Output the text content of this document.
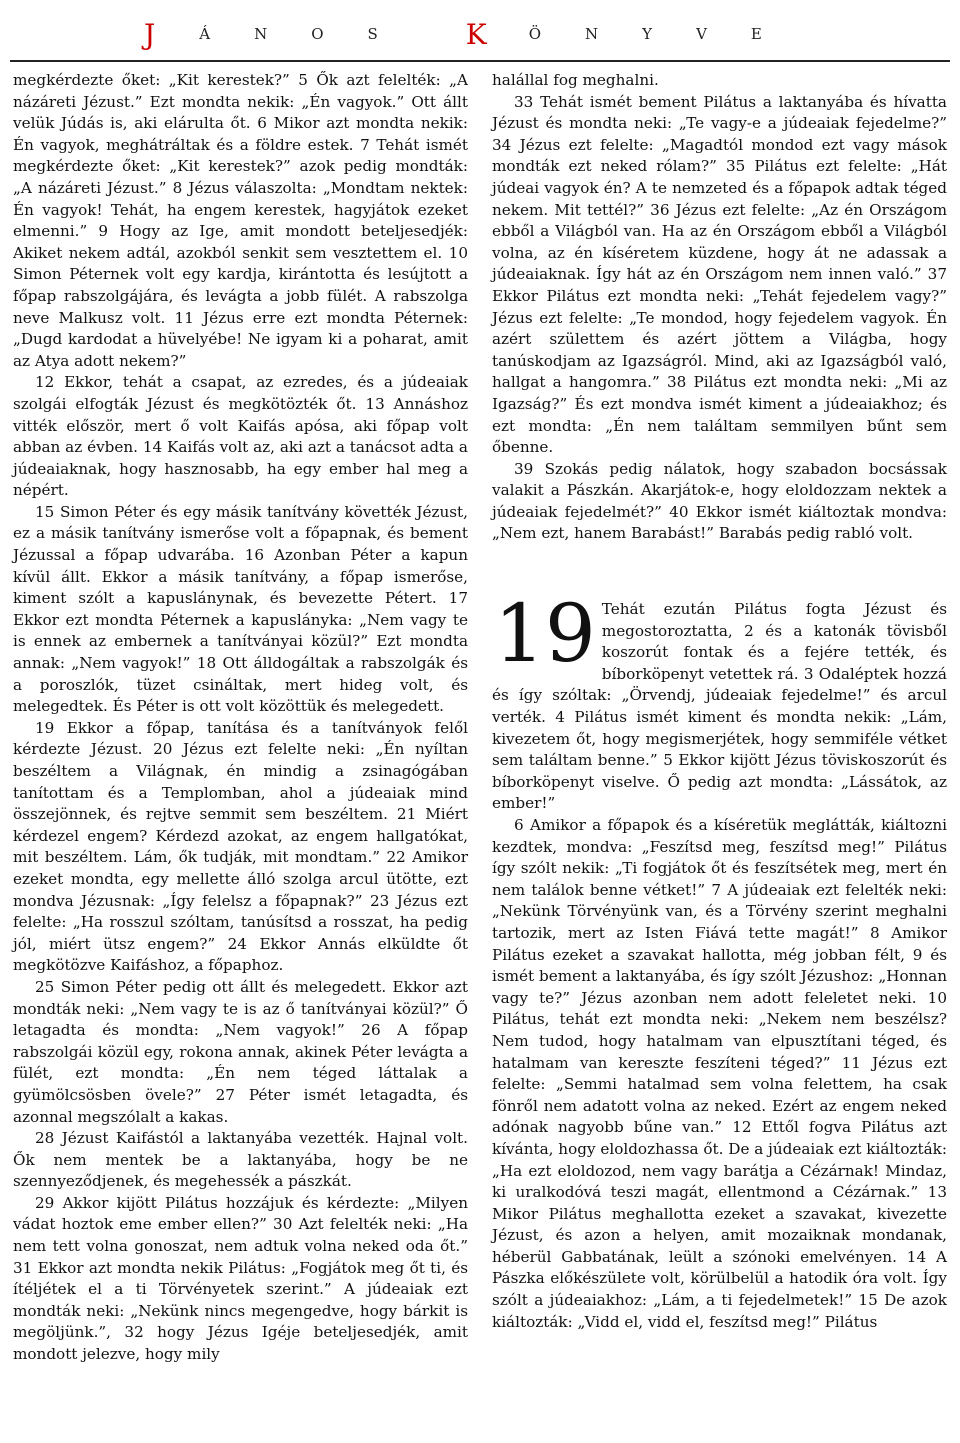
J	Á	N	O	S	K	Ö	N	Y	V	E

megkérdezte őket: „Kit kerestek?” 5 Ők azt felelték: „A názáreti Jézust.” Ezt mondta nekik: „Én vagyok.” Ott állt velük Júdás is, aki elárulta őt. 6 Mikor azt mondta nekik: Én vagyok, meghátráltak és a földre estek. 7 Tehát ismét megkérdezte őket: „Kit kerestek?” azok pedig mondták: „A názáreti Jézust.” 8 Jézus válaszolta: „Mondtam nektek: Én vagyok! Tehát, ha engem kerestek, hagyjátok ezeket elmenni.” 9 Hogy az Ige, amit mondott beteljesedjék: Akiket nekem adtál, azokból senkit sem vesztettem el. 10 Simon Péternek volt egy kardja, kirántotta és lesújtott a főpap rabszolgájára, és levágta a jobb fülét. A rabszolga neve Malkusz volt. 11 Jézus erre ezt mondta Péternek: „Dugd kardodat a hüvelyébe! Ne igyam ki a poharat, amit az Atya adott nekem?”

12 Ekkor, tehát a csapat, az ezredes, és a júdeaiak szolgái elfogták Jézust és megkötözték őt. 13 Annáshoz vitték először, mert ő volt Kaifás apósa, aki főpap volt abban az évben. 14 Kaifás volt az, aki azt a tanácsot adta a júdeaiaknak, hogy hasznosabb, ha egy ember hal meg a népért.

15 Simon Péter és egy másik tanítvány követték Jézust, ez a másik tanítvány ismerőse volt a főpapnak, és bement Jézussal a főpap udvarába. 16 Azonban Péter a kapun kívül állt. Ekkor a másik tanítvány, a főpap ismerőse, kiment szólt a kapuslánynak, és bevezette Pétert. 17 Ekkor ezt mondta Péternek a kapuslányka: „Nem vagy te is ennek az embernek a tanítványai közül?” Ezt mondta annak: „Nem vagyok!” 18 Ott álldogáltak a rabszolgák és a poroszlók, tüzet csináltak, mert hideg volt, és melegedtek. És Péter is ott volt közöttük és melegedett.

19 Ekkor a főpap, tanítása és a tanítványok felől kérdezte Jézust. 20 Jézus ezt felelte neki: „Én nyíltan beszéltem a Világnak, én mindig a zsinagógában tanítottam és a Templomban, ahol a júdeaiak mind összejönnek, és rejtve semmit sem beszéltem. 21 Miért kérdezel engem? Kérdezd azokat, az engem hallgatókat, mit beszéltem. Lám, ők tudják, mit mondtam.” 22 Amikor ezeket mondta, egy mellette álló szolga arcul ütötte, ezt mondva Jézusnak: „Így felelsz a főpapnak?” 23 Jézus ezt felelte: „Ha rosszul szóltam, tanúsítsd a rosszat, ha pedig jól, miért ütsz engem?” 24 Ekkor Annás elküldte őt megkötözve Kaifáshoz, a főpaphoz.

25 Simon Péter pedig ott állt és melegedett. Ekkor azt mondták neki: „Nem vagy te is az ő tanítványai közül?” Ő letagadta és mondta: „Nem vagyok!” 26 A főpap rabszolgái közül egy, rokona annak, akinek Péter levágta a fülét, ezt mondta: „Én nem téged láttalak a gyümölcsösben övele?” 27 Péter ismét letagadta, és azonnal megszólalt a kakas.

28 Jézust Kaifástól a laktanyába vezették. Hajnal volt. Ők nem mentek be a laktanyába, hogy be ne szennyeződjenek, és megehessék a pászkát.

29 Akkor kijött Pilátus hozzájuk és kérdezte: „Milyen vádat hoztok eme ember ellen?” 30 Azt felelték neki: „Ha nem tett volna gonoszat, nem adtuk volna neked oda őt.” 31 Ekkor azt mondta nekik Pilátus: „Fogjátok meg őt ti, és ítéljétek el a ti Törvényetek szerint.” A júdeaiak ezt mondták neki: „Nekünk nincs megengedve, hogy bárkit is megöljünk.”, 32 hogy Jézus Igéje beteljesedjék, amit mondott jelezve, hogy mily

halállal fog meghalni.

33 Tehát ismét bement Pilátus a laktanyába és hívatta Jézust és mondta neki: „Te vagy-e a júdeaiak fejedelme?” 34 Jézus ezt felelte: „Magadtól mondod ezt vagy mások mondták ezt neked rólam?” 35 Pilátus ezt felelte: „Hát júdeai vagyok én? A te nemzeted és a főpapok adtak téged nekem. Mit tettél?” 36 Jézus ezt felelte: „Az én Országom ebből a Világból van. Ha az én Országom ebből a Világból volna, az én kíséretem küzdene, hogy át ne adassak a júdeaiaknak. Így hát az én Országom nem innen való.” 37 Ekkor Pilátus ezt mondta neki: „Tehát fejedelem vagy?” Jézus ezt felelte: „Te mondod, hogy fejedelem vagyok. Én azért születtem és azért jöttem a Világba, hogy tanúskodjam az Igazságról. Mind, aki az Igazságból való, hallgat a hangomra.” 38 Pilátus ezt mondta neki: „Mi az Igazság?” És ezt mondva ismét kiment a júdeaiakhoz; és ezt mondta: „Én nem találtam semmilyen bűnt sem őbenne.

39 Szokás pedig nálatok, hogy szabadon bocsássak valakit a Pászkán. Akarjátok-e, hogy eloldozzam nektek a júdeaiak fejedelmét?” 40 Ekkor ismét kiáltoztak mondva: „Nem ezt, hanem Barabást!” Barabás pedig rabló volt.

19 Tehát ezután Pilátus fogta Jézust és megostoroztatta, 2 és a katonák tövisből koszorút fontak és a fejére tették, és bíborköpenyt vetettek rá. 3 Odaléptek hozzá és így szóltak: „Örvendj, júdeaiak fejedelme!” és arcul verték. 4 Pilátus ismét kiment és mondta nekik: „Lám, kivezetem őt, hogy megismerjétek, hogy semmiféle vétket sem találtam benne.” 5 Ekkor kijött Jézus töviskoszorút és bíborköpenyt viselve. Ő pedig azt mondta: „Lássátok, az ember!”

6 Amikor a főpapok és a kíséretük meglátták, kiáltozni kezdtek, mondva: „Feszítsd meg, feszítsd meg!” Pilátus így szólt nekik: „Ti fogjátok őt és feszítsétek meg, mert én nem találok benne vétket!” 7 A júdeaiak ezt felelték neki: „Nekünk Törvényünk van, és a Törvény szerint meghalni tartozik, mert az Isten Fiává tette magát!” 8 Amikor Pilátus ezeket a szavakat hallotta, még jobban félt, 9 és ismét bement a laktanyába, és így szólt Jézushoz: „Honnan vagy te?” Jézus azonban nem adott feleletet neki. 10 Pilátus, tehát ezt mondta neki: „Nekem nem beszélsz? Nem tudod, hogy hatalmam van elpusztítani téged, és hatalmam van kereszte feszíteni téged?” 11 Jézus ezt felelte: „Semmi hatalmad sem volna felettem, ha csak fönről nem adatott volna az neked. Ezért az engem neked adónak nagyobb bűne van.” 12 Ettől fogva Pilátus azt kívánta, hogy eloldozhassa őt. De a júdeaiak ezt kiáltozták: „Ha ezt eloldozod, nem vagy barátja a Cézárnak! Mindaz, ki uralkodóvá teszi magát, ellentmond a Cézárnak.” 13 Mikor Pilátus meghallotta ezeket a szavakat, kivezette Jézust, és azon a helyen, amit mozaiknak mondanak, héberül Gabbatának, leült a szónoki emelvényen. 14 A Pászka előkészülete volt, körülbelül a hatodik óra volt. Így szólt a júdeaiakhoz: „Lám, a ti fejedelmetek!” 15 De azok kiáltozták: „Vidd el, vidd el, feszítsd meg!” Pilátus
